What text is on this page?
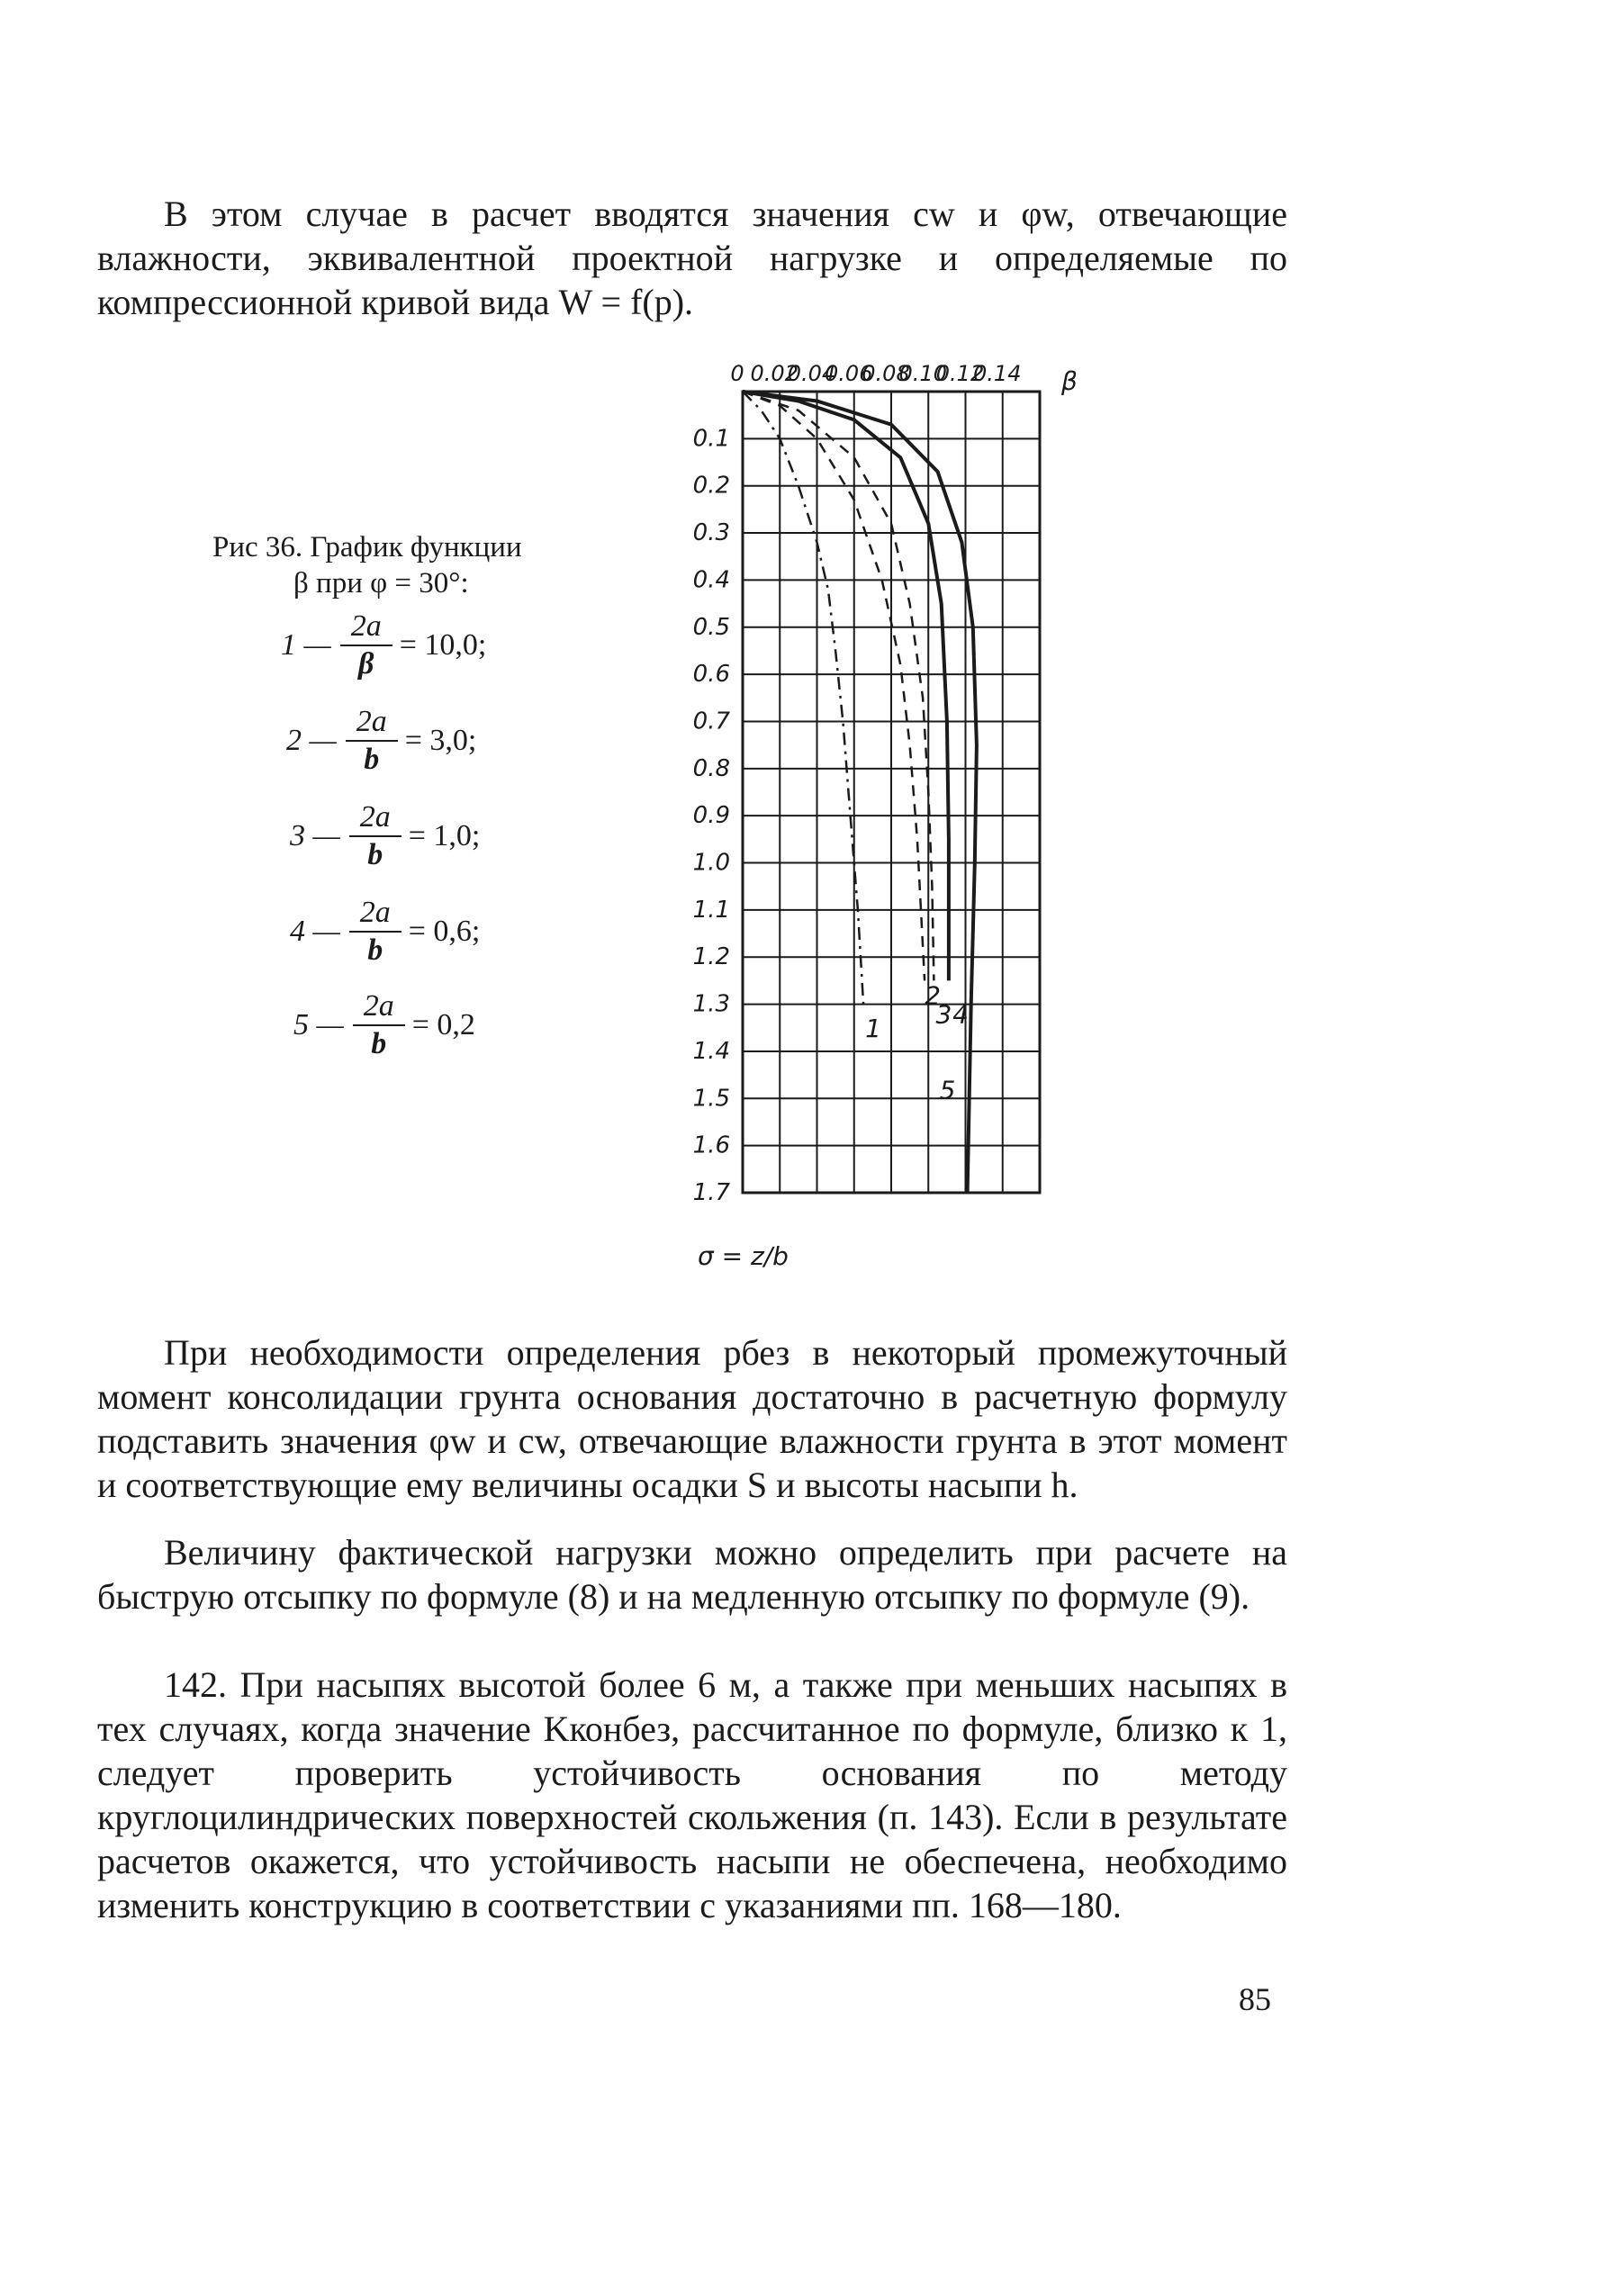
В этом случае в расчет вводятся значения cw и φw, отвечающие влажности, эквивалентной проектной нагрузке и определяемые по компрессионной кривой вида W = f(p).

Рис 36. График функции
β при φ = 30°:
1 — $\frac{2a}{\beta} = 10,0$;
2 — $\frac{2a}{b} = 3,0$;
3 — $\frac{2a}{b} = 1,0$;
4 — $\frac{2a}{b} = 0,6$;
5 — $\frac{2a}{b} = 0,2$
0 0.02
0.04
0.06
0.08
0.10
0.12
0.14 β
0.1
0.2
0.3
0.4
0.5
0.6
0.7
0.8
0.9
1.0
1.1
1.2
1.3
1.4
1.5
1.6
1.7
σ = z/b
1
2
3 4
5

При необходимости определения pбез в некоторый промежуточный момент консолидации грунта основания достаточно в расчетную формулу подставить значения φw и cw, отвечающие влажности грунта в этот момент и соответствующие ему величины осадки S и высоты насыпи h.

Величину фактической нагрузки можно определить при расчете на быструю отсыпку по формуле (8) и на медленную отсыпку по формуле (9).

142. При насыпях высотой более 6 м, а также при меньших насыпях в тех случаях, когда значение Kконбез, рассчитанное по формуле, близко к 1, следует проверить устойчивость основания по методу круглоцилиндрических поверхностей скольжения (п. 143). Если в результате расчетов окажется, что устойчивость насыпи не обеспечена, необходимо изменить конструкцию в соответствии с указаниями пп. 168—180.

85
